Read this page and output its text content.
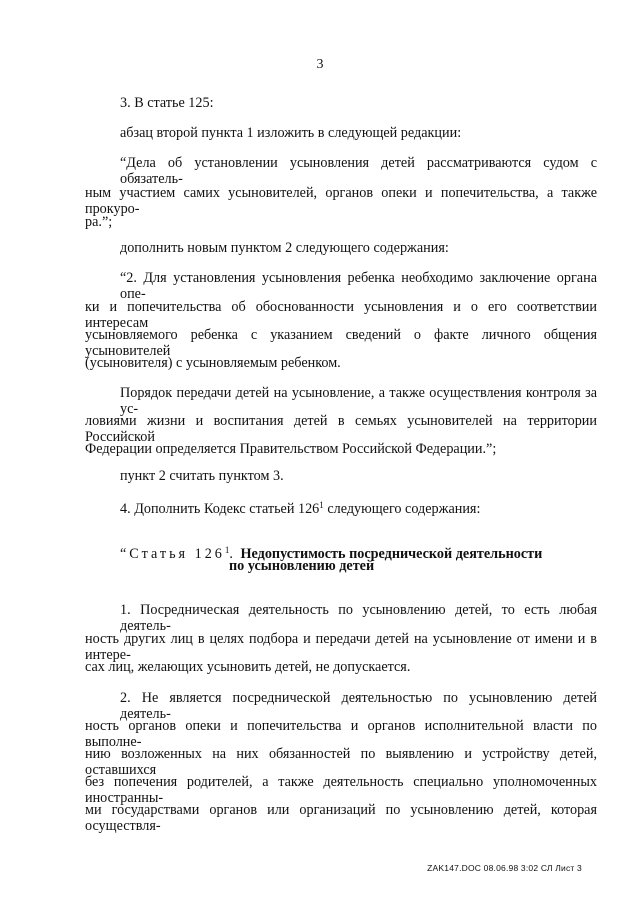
3
3. В статье 125:
абзац второй пункта 1 изложить в следующей редакции:
“Дела об установлении усыновления детей рассматриваются судом с обязатель-
ным участием самих усыновителей, органов опеки и попечительства, а также прокуро-
ра.”;
дополнить новым пунктом 2 следующего содержания:
“2. Для установления усыновления ребенка необходимо заключение органа опе-
ки и попечительства об обоснованности усыновления и о его соответствии интересам
усыновляемого ребенка с указанием сведений о факте личного общения усыновителей
(усыновителя) с усыновляемым ребенком.
Порядок передачи детей на усыновление, а также осуществления контроля за ус-
ловиями жизни и воспитания детей в семьях усыновителей на территории Российской
Федерации определяется Правительством Российской Федерации.”;
пункт 2 считать пунктом 3.
4. Дополнить Кодекс статьей $126^1$ следующего содержания:
“Статья $126^1$. Недопустимость посреднической деятельности
по усыновлению детей
1. Посредническая деятельность по усыновлению детей, то есть любая деятель-
ность других лиц в целях подбора и передачи детей на усыновление от имени и в интере-
сах лиц, желающих усыновить детей, не допускается.
2. Не является посреднической деятельностью по усыновлению детей деятель-
ность органов опеки и попечительства и органов исполнительной власти по выполне-
нию возложенных на них обязанностей по выявлению и устройству детей, оставшихся
без попечения родителей, а также деятельность специально уполномоченных иностранны-
ми государствами органов или организаций по усыновлению детей, которая осуществля-
ZAK147.DOC 08.06.98 3:02 СЛ Лист 3
